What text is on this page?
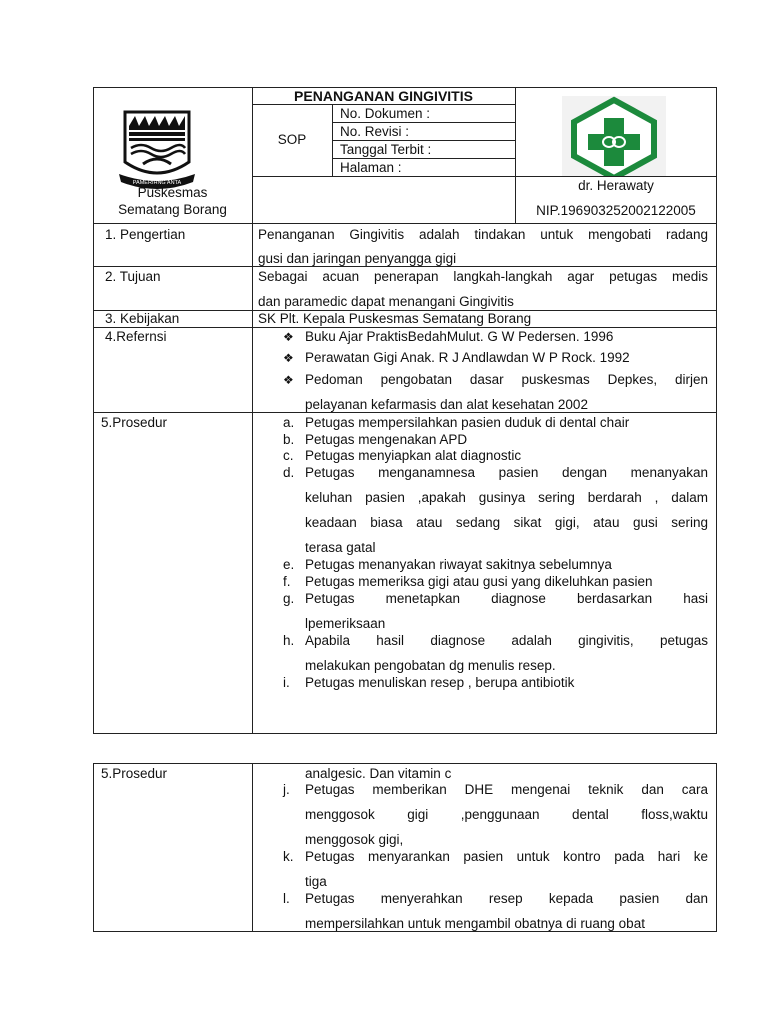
PAMERIHNG ANTA
PENANGANAN GINGIVITIS
SOP
No. Dokumen :
No. Revisi :
Tanggal Terbit :
Halaman :
Puskesmas
Sematang Borang
dr. Herawaty
NIP.196903252002122005
1. Pengertian	Penanganan Gingivitis adalah tindakan untuk mengobati radang
gusi dan jaringan penyangga gigi
2. Tujuan	Sebagai acuan penerapan langkah-langkah agar petugas medis
dan paramedic dapat menangani Gingivitis
3. Kebijakan	SK Plt. Kepala Puskesmas Sematang Borang
4.Refernsi	❖ Buku Ajar PraktisBedahMulut. G W Pedersen. 1996
❖ Perawatan Gigi Anak. R J Andlawdan W P Rock. 1992
❖ Pedoman pengobatan dasar puskesmas Depkes, dirjen
pelayanan kefarmasis dan alat kesehatan 2002
5.Prosedur	a. Petugas mempersilahkan pasien duduk di dental chair
b. Petugas mengenakan APD
c. Petugas menyiapkan alat diagnostic
d. Petugas menganamnesa pasien dengan menanyakan
keluhan pasien ,apakah gusinya sering berdarah , dalam
keadaan biasa atau sedang sikat gigi, atau gusi sering
terasa gatal
e. Petugas menanyakan riwayat sakitnya sebelumnya
f. Petugas memeriksa gigi atau gusi yang dikeluhkan pasien
g. Petugas menetapkan diagnose berdasarkan hasi
lpemeriksaan
h. Apabila hasil diagnose adalah gingivitis, petugas
melakukan pengobatan dg menulis resep.
i. Petugas menuliskan resep , berupa antibiotik
5.Prosedur	analgesic. Dan vitamin c
j. Petugas memberikan DHE mengenai teknik dan cara
menggosok gigi ,penggunaan dental floss,waktu
menggosok gigi,
k. Petugas menyarankan pasien untuk kontro pada hari ke
tiga
l. Petugas menyerahkan resep kepada pasien dan
mempersilahkan untuk mengambil obatnya di ruang obat
